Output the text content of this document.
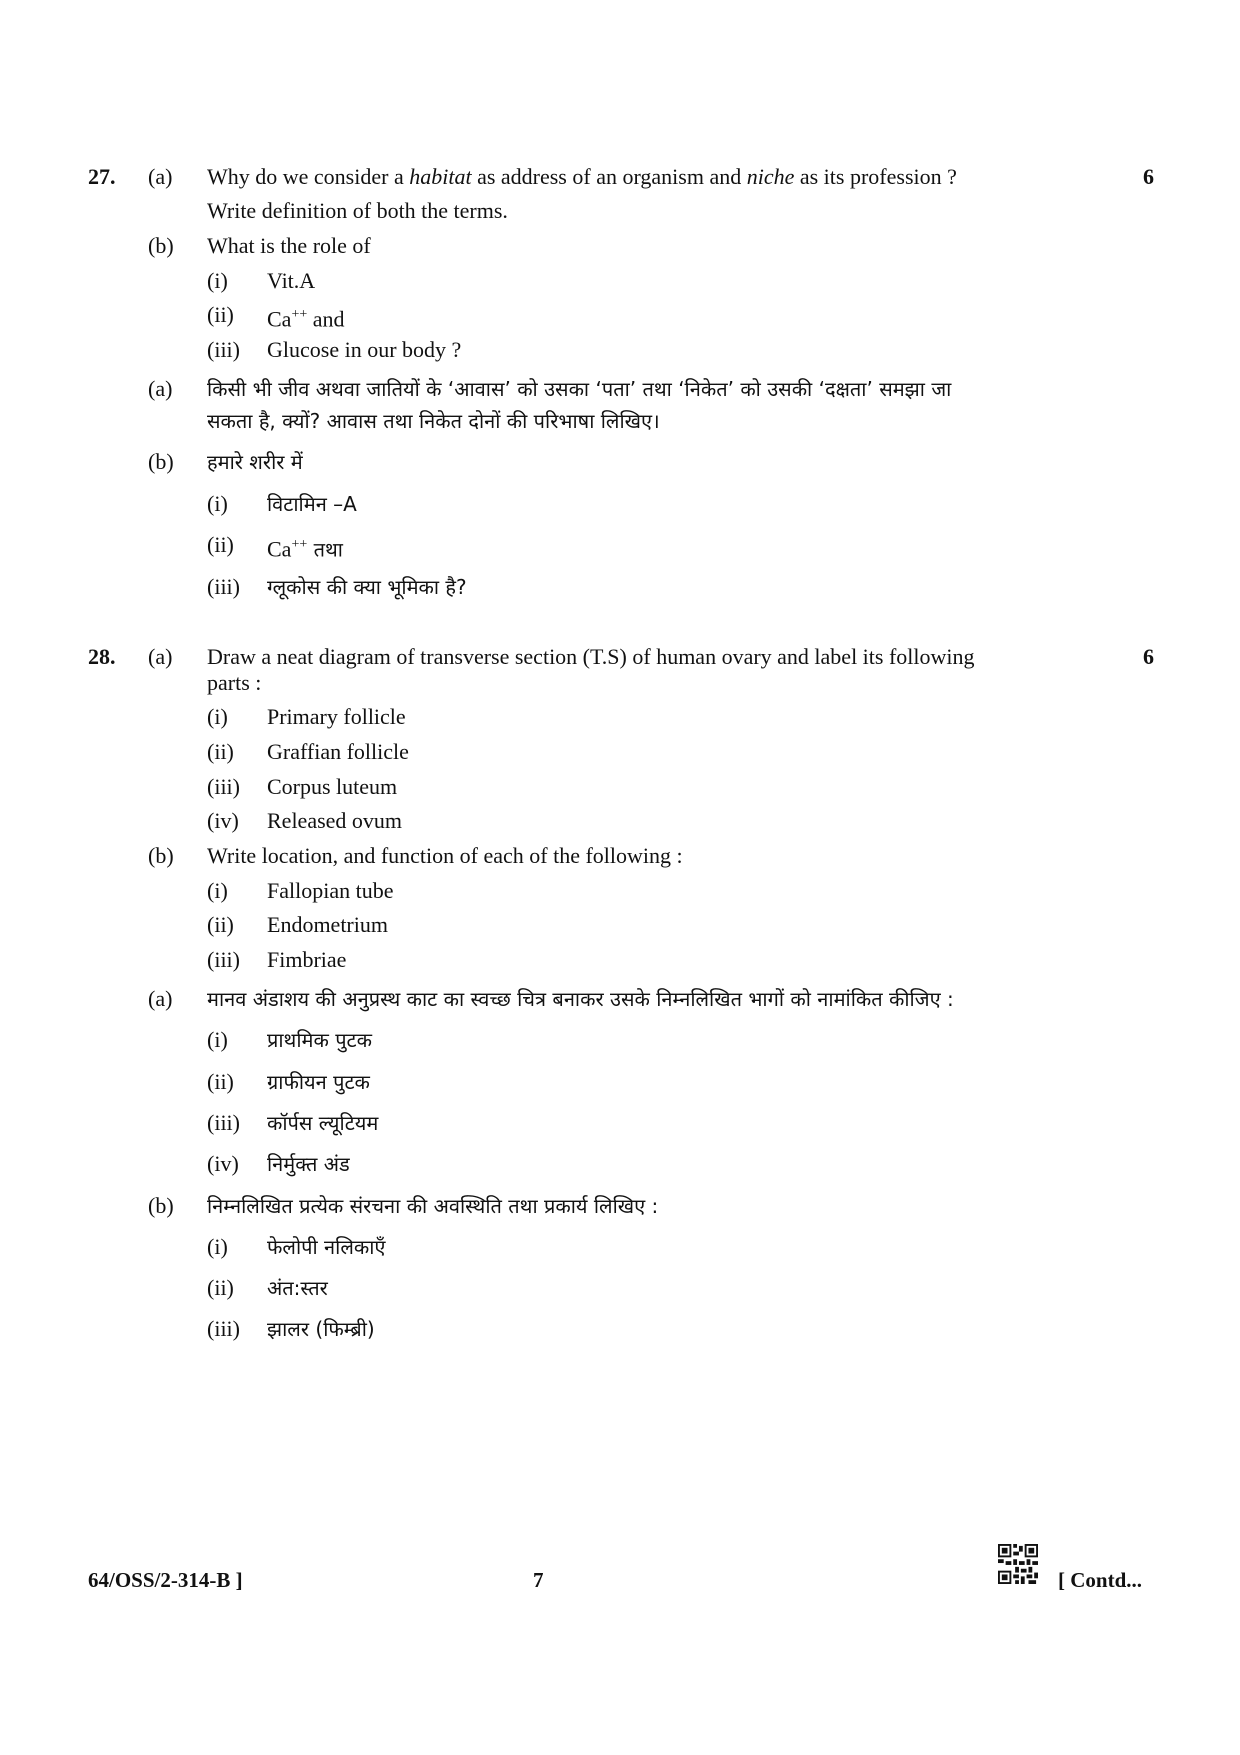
27. (a) Why do we consider a habitat as address of an organism and niche as its profession ?	6
Write definition of both the terms.
(b) What is the role of
(i) Vit.A
(ii) Ca++ and
(iii) Glucose in our body ?
(a) किसी भी जीव अथवा जातियों के ‘आवास’ को उसका ‘पता’ तथा ‘निकेत’ को उसकी ‘दक्षता’ समझा जा
सकता है, क्यों? आवास तथा निकेत दोनों की परिभाषा लिखिए।
(b) हमारे शरीर में
(i) विटामिन –A
(ii) Ca++ तथा
(iii) ग्लूकोस की क्या भूमिका है?
28. (a) Draw a neat diagram of transverse section (T.S) of human ovary and label its following	6
parts :
(i) Primary follicle
(ii) Graffian follicle
(iii) Corpus luteum
(iv) Released ovum
(b) Write location, and function of each of the following :
(i) Fallopian tube
(ii) Endometrium
(iii) Fimbriae
(a) मानव अंडाशय की अनुप्रस्थ काट का स्वच्छ चित्र बनाकर उसके निम्नलिखित भागों को नामांकित कीजिए :
(i) प्राथमिक पुटक
(ii) ग्राफीयन पुटक
(iii) कॉर्पस ल्यूटियम
(iv) निर्मुक्त अंड
(b) निम्नलिखित प्रत्येक संरचना की अवस्थिति तथा प्रकार्य लिखिए :
(i) फेलोपी नलिकाएँ
(ii) अंत:स्तर
(iii) झालर (फिम्ब्री)
64/OSS/2-314-B ]	7	[ Contd...
